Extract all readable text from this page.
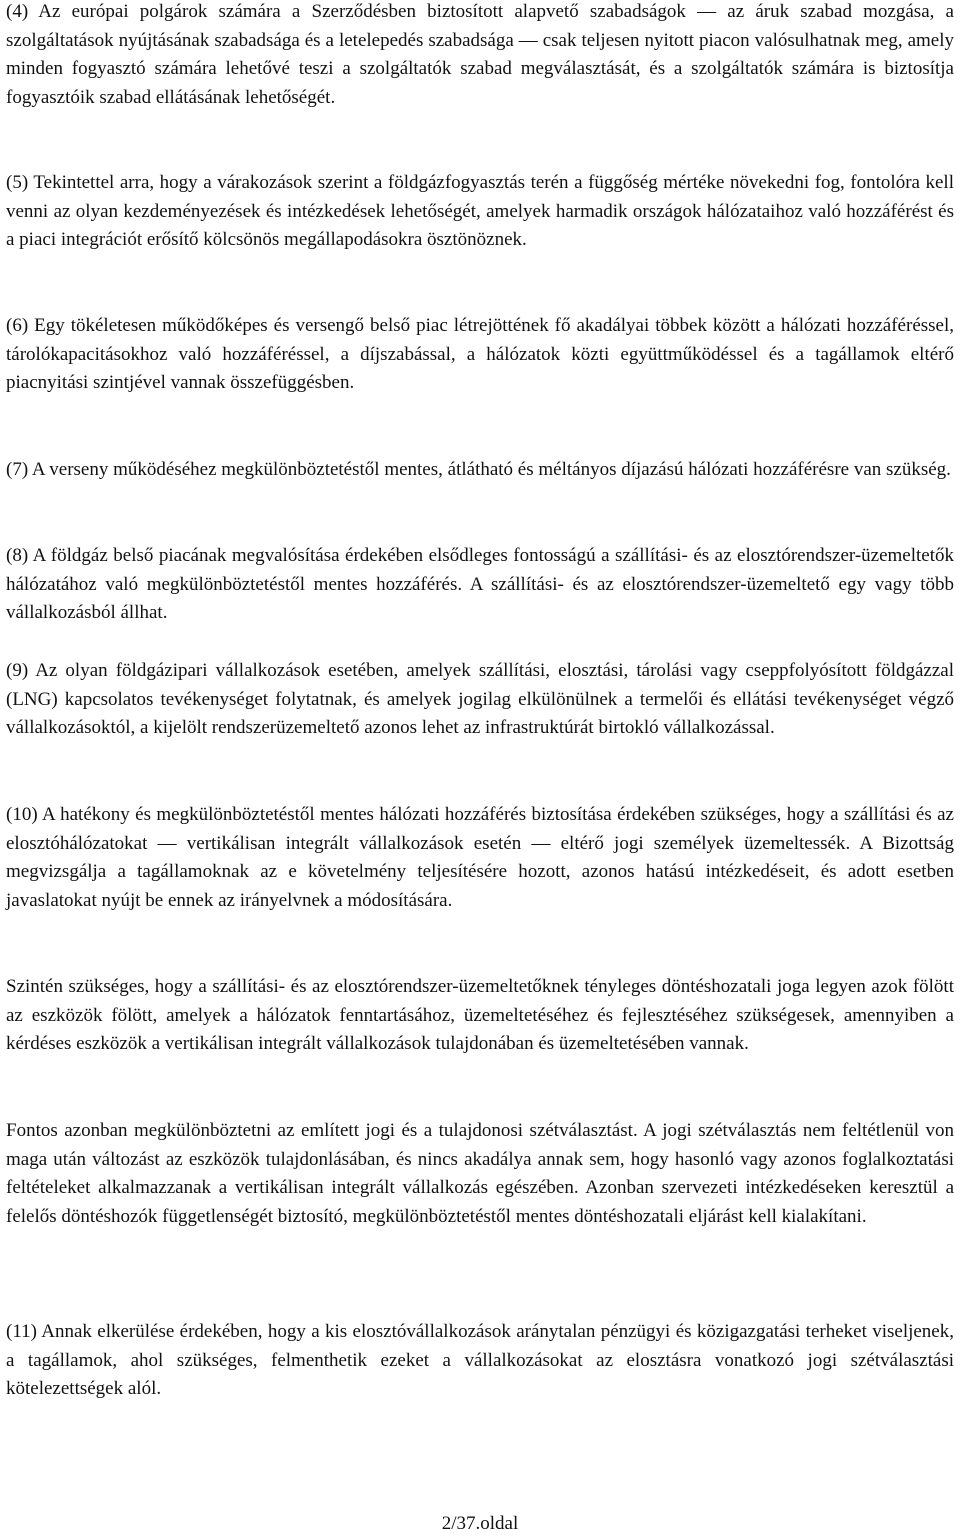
(4) Az európai polgárok számára a Szerződésben biztosított alapvető szabadságok — az áruk szabad mozgása, a szolgáltatások nyújtásának szabadsága és a letelepedés szabadsága — csak teljesen nyitott piacon valósulhatnak meg, amely minden fogyasztó számára lehetővé teszi a szolgáltatók szabad megválasztását, és a szolgáltatók számára is biztosítja fogyasztóik szabad ellátásának lehetőségét.

(5) Tekintettel arra, hogy a várakozások szerint a földgázfogyasztás terén a függőség mértéke növekedni fog, fontolóra kell venni az olyan kezdeményezések és intézkedések lehetőségét, amelyek harmadik országok hálózataihoz való hozzáférést és a piaci integrációt erősítő kölcsönös megállapodásokra ösztönöznek.

(6) Egy tökéletesen működőképes és versengő belső piac létrejöttének fő akadályai többek között a hálózati hozzáféréssel, tárolókapacitásokhoz való hozzáféréssel, a díjszabással, a hálózatok közti együttműködéssel és a tagállamok eltérő piacnyitási szintjével vannak összefüggésben.

(7) A verseny működéséhez megkülönböztetéstől mentes, átlátható és méltányos díjazású hálózati hozzáférésre van szükség.

(8) A földgáz belső piacának megvalósítása érdekében elsődleges fontosságú a szállítási- és az elosztórendszer-üzemeltetők hálózatához való megkülönböztetéstől mentes hozzáférés. A szállítási- és az elosztórendszer-üzemeltető egy vagy több vállalkozásból állhat.

(9) Az olyan földgázipari vállalkozások esetében, amelyek szállítási, elosztási, tárolási vagy cseppfolyósított földgázzal (LNG) kapcsolatos tevékenységet folytatnak, és amelyek jogilag elkülönülnek a termelői és ellátási tevékenységet végző vállalkozásoktól, a kijelölt rendszerüzemeltető azonos lehet az infrastruktúrát birtokló vállalkozással.

(10) A hatékony és megkülönböztetéstől mentes hálózati hozzáférés biztosítása érdekében szükséges, hogy a szállítási és az elosztóhálózatokat — vertikálisan integrált vállalkozások esetén — eltérő jogi személyek üzemeltessék. A Bizottság megvizsgálja a tagállamoknak az e követelmény teljesítésére hozott, azonos hatású intézkedéseit, és adott esetben javaslatokat nyújt be ennek az irányelvnek a módosítására.

Szintén szükséges, hogy a szállítási- és az elosztórendszer-üzemeltetőknek tényleges döntéshozatali joga legyen azok fölött az eszközök fölött, amelyek a hálózatok fenntartásához, üzemeltetéséhez és fejlesztéséhez szükségesek, amennyiben a kérdéses eszközök a vertikálisan integrált vállalkozások tulajdonában és üzemeltetésében vannak.

Fontos azonban megkülönböztetni az említett jogi és a tulajdonosi szétválasztást. A jogi szétválasztás nem feltétlenül von maga után változást az eszközök tulajdonlásában, és nincs akadálya annak sem, hogy hasonló vagy azonos foglalkoztatási feltételeket alkalmazzanak a vertikálisan integrált vállalkozás egészében. Azonban szervezeti intézkedéseken keresztül a felelős döntéshozók függetlenségét biztosító, megkülönböztetéstől mentes döntéshozatali eljárást kell kialakítani.

(11) Annak elkerülése érdekében, hogy a kis elosztóvállalkozások aránytalan pénzügyi és közigazgatási terheket viseljenek, a tagállamok, ahol szükséges, felmenthetik ezeket a vállalkozásokat az elosztásra vonatkozó jogi szétválasztási kötelezettségek alól.

2/37.oldal
